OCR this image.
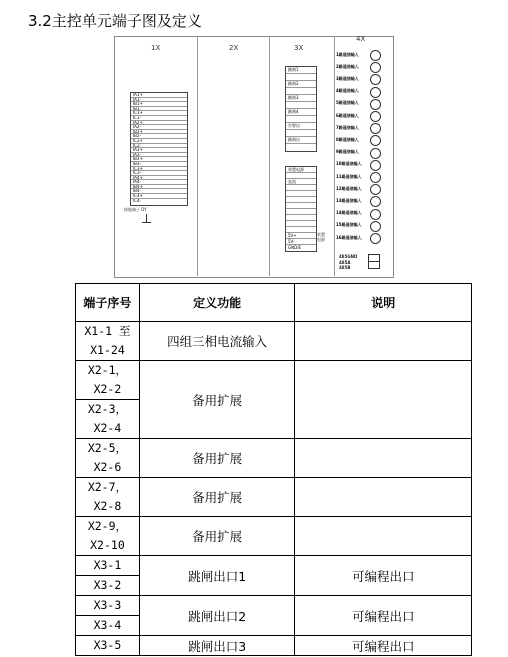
3.2主控单元端子图及定义
1X	2X	3X
4X
IA1+
IA1-
IB1+
IB1-
IC1+
IC1-
IA2+
IA2-
IB2+
IB2-
IC2+
IC2-
IA3+
IA3-
IB3+
IB3-
IC3+
IC3-
IA4+
IA4-
IB4+
IB4-
IC4+
IC4-
接地端子 DY
跳闸1
跳闸2
跳闸3
跳闸4
告警出
跳闸出
装置电源
直流
5V+
5V-
GND/E
装置电源
1路遥信输入
2路遥信输入
3路遥信输入
4路遥信输入
5路遥信输入
6路遥信输入
7路遥信输入
8路遥信输入
9路遥信输入
10路遥信输入
11路遥信输入
12路遥信输入
13路遥信输入
14路遥信输入
15路遥信输入
16路遥信输入
485GND
485A
485B
端子序号	定义功能	说明

X1-1 至
X1-24	四组三相电流输入	

X2-1，
X2-2	备用扩展	

X2-3，
X2-4		

X2-5，
X2-6	备用扩展	

X2-7，
X2-8	备用扩展	

X2-9，
X2-10	备用扩展	
X3-1	跳闸出口1	可编程出口
X3-2		
X3-3	跳闸出口2	可编程出口
X3-4		
X3-5	跳闸出口3	可编程出口
